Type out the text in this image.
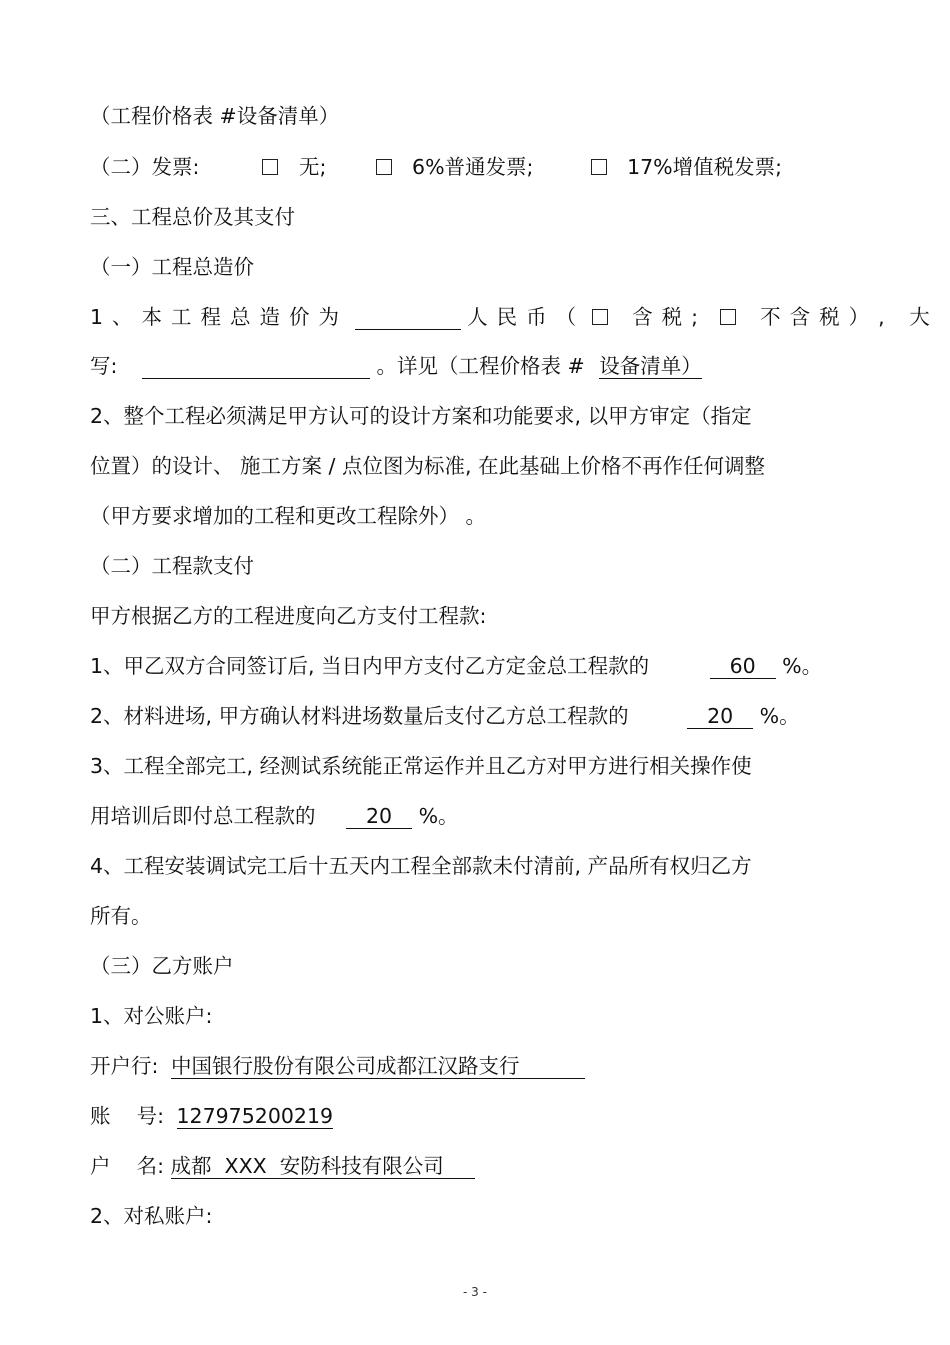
（工程价格表 #设备清单）
（二）发票:	无;	6%普通发票;	17%增值税发票;
三、工程总价及其支付
（一）工程总造价
1、本工程总造价为	人民币（ 含税;	不含税）, 大
写:	。详见（工程价格表 # 设备清单）
2、整个工程必须满足甲方认可的设计方案和功能要求, 以甲方审定（指定
位置）的设计、 施工方案 / 点位图为标准, 在此基础上价格不再作任何调整
（甲方要求增加的工程和更改工程除外） 。
（二）工程款支付
甲方根据乙方的工程进度向乙方支付工程款:
1、甲乙双方合同签订后, 当日内甲方支付乙方定金总工程款的	60 %。
2、材料进场, 甲方确认材料进场数量后支付乙方总工程款的	20 %。
3、工程全部完工, 经测试系统能正常运作并且乙方对甲方进行相关操作使
用培训后即付总工程款的 20 %。
4、工程安装调试完工后十五天内工程全部款未付清前, 产品所有权归乙方
所有。
（三）乙方账户
1、对公账户:
开户行: 中国银行股份有限公司成都江汉路支行
账    号: 127975200219
户    名: 成都  XXX  安防科技有限公司
2、对私账户:
- 3 -
